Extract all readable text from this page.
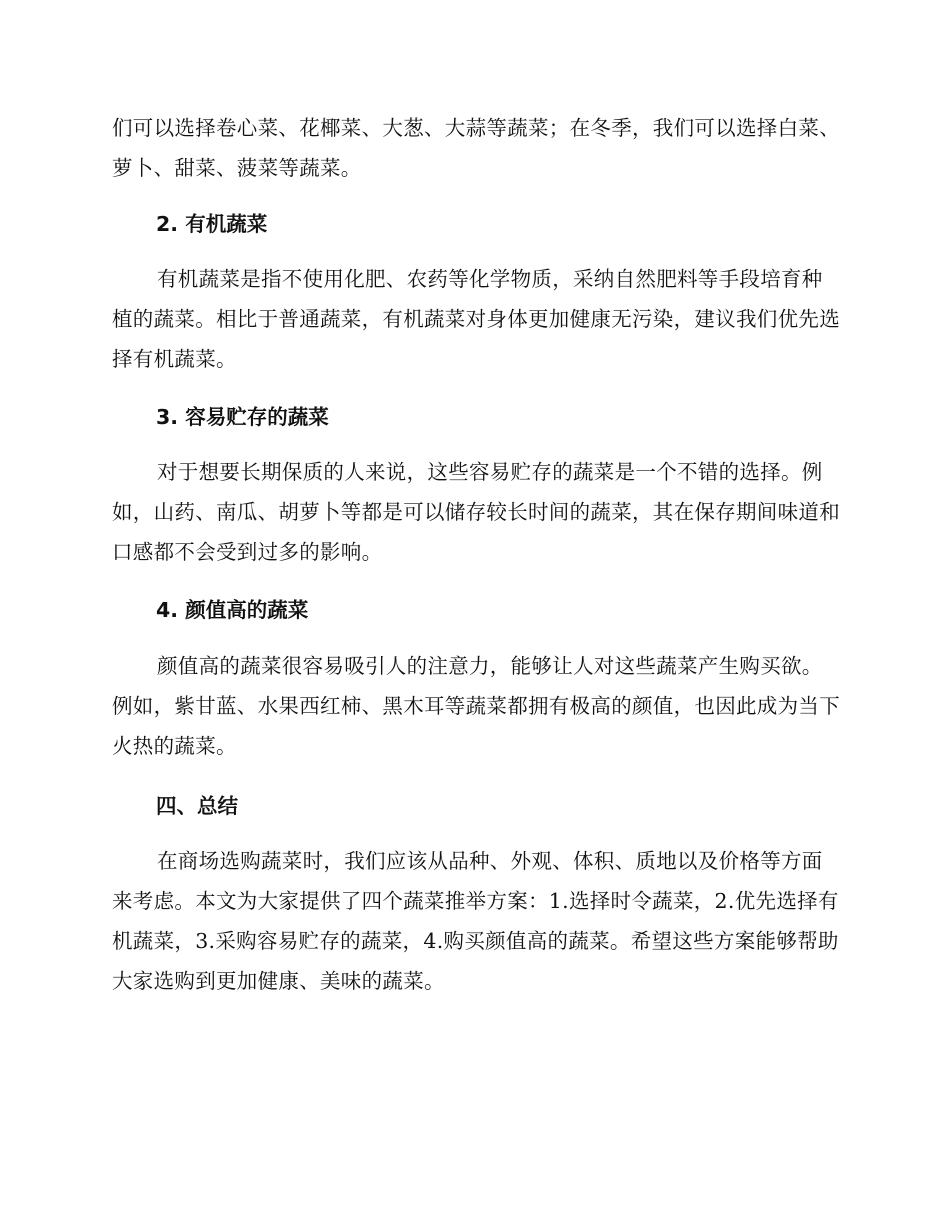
们可以选择卷心菜、花椰菜、大葱、大蒜等蔬菜；在冬季，我们可以选择白菜、萝卜、甜菜、菠菜等蔬菜。

2. 有机蔬菜

有机蔬菜是指不使用化肥、农药等化学物质，采纳自然肥料等手段培育种植的蔬菜。相比于普通蔬菜，有机蔬菜对身体更加健康无污染，建议我们优先选择有机蔬菜。

3. 容易贮存的蔬菜

对于想要长期保质的人来说，这些容易贮存的蔬菜是一个不错的选择。例如，山药、南瓜、胡萝卜等都是可以储存较长时间的蔬菜，其在保存期间味道和口感都不会受到过多的影响。

4. 颜值高的蔬菜

颜值高的蔬菜很容易吸引人的注意力，能够让人对这些蔬菜产生购买欲。例如，紫甘蓝、水果西红柿、黑木耳等蔬菜都拥有极高的颜值，也因此成为当下火热的蔬菜。

四、总结

在商场选购蔬菜时，我们应该从品种、外观、体积、质地以及价格等方面来考虑。本文为大家提供了四个蔬菜推举方案：1.选择时令蔬菜，2.优先选择有机蔬菜，3.采购容易贮存的蔬菜，4.购买颜值高的蔬菜。希望这些方案能够帮助大家选购到更加健康、美味的蔬菜。
